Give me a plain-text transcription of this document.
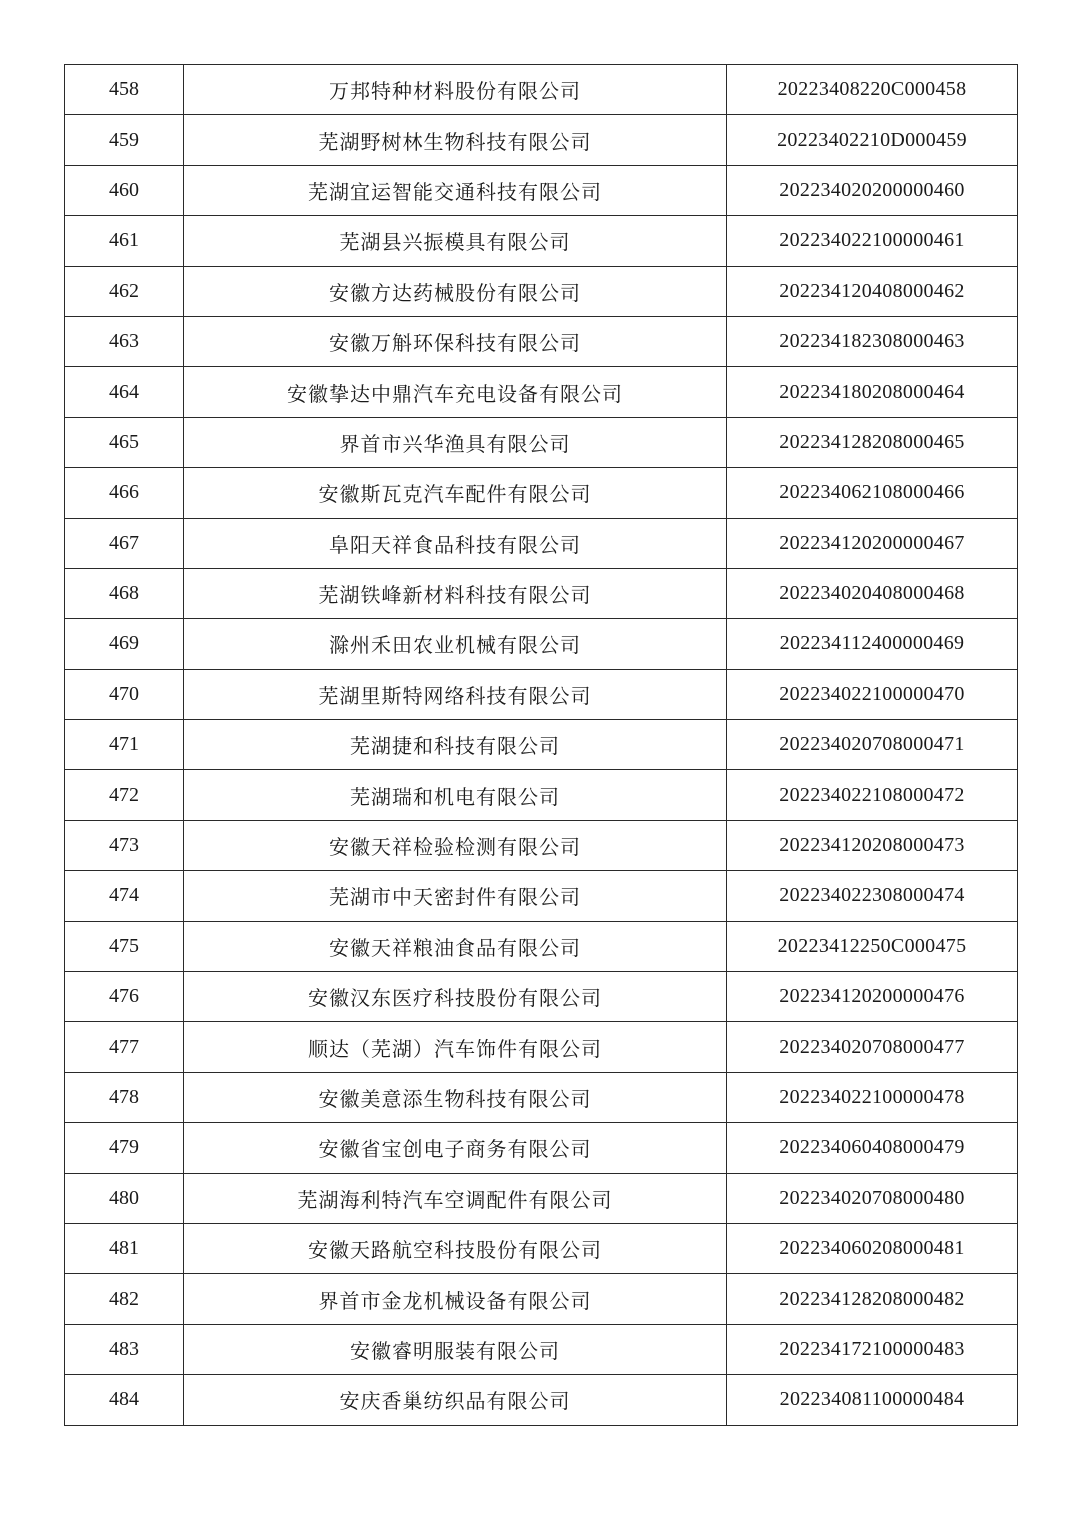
458	万邦特种材料股份有限公司	20223408220C000458
459	芜湖野树林生物科技有限公司	20223402210D000459
460	芜湖宜运智能交通科技有限公司	202234020200000460
461	芜湖县兴振模具有限公司	202234022100000461
462	安徽方达药械股份有限公司	202234120408000462
463	安徽万斛环保科技有限公司	202234182308000463
464	安徽挚达中鼎汽车充电设备有限公司	202234180208000464
465	界首市兴华渔具有限公司	202234128208000465
466	安徽斯瓦克汽车配件有限公司	202234062108000466
467	阜阳天祥食品科技有限公司	202234120200000467
468	芜湖铁峰新材料科技有限公司	202234020408000468
469	滁州禾田农业机械有限公司	202234112400000469
470	芜湖里斯特网络科技有限公司	202234022100000470
471	芜湖捷和科技有限公司	202234020708000471
472	芜湖瑞和机电有限公司	202234022108000472
473	安徽天祥检验检测有限公司	202234120208000473
474	芜湖市中天密封件有限公司	202234022308000474
475	安徽天祥粮油食品有限公司	20223412250C000475
476	安徽汉东医疗科技股份有限公司	202234120200000476
477	顺达（芜湖）汽车饰件有限公司	202234020708000477
478	安徽美意添生物科技有限公司	202234022100000478
479	安徽省宝创电子商务有限公司	202234060408000479
480	芜湖海利特汽车空调配件有限公司	202234020708000480
481	安徽天路航空科技股份有限公司	202234060208000481
482	界首市金龙机械设备有限公司	202234128208000482
483	安徽睿明服装有限公司	202234172100000483
484	安庆香巢纺织品有限公司	202234081100000484
